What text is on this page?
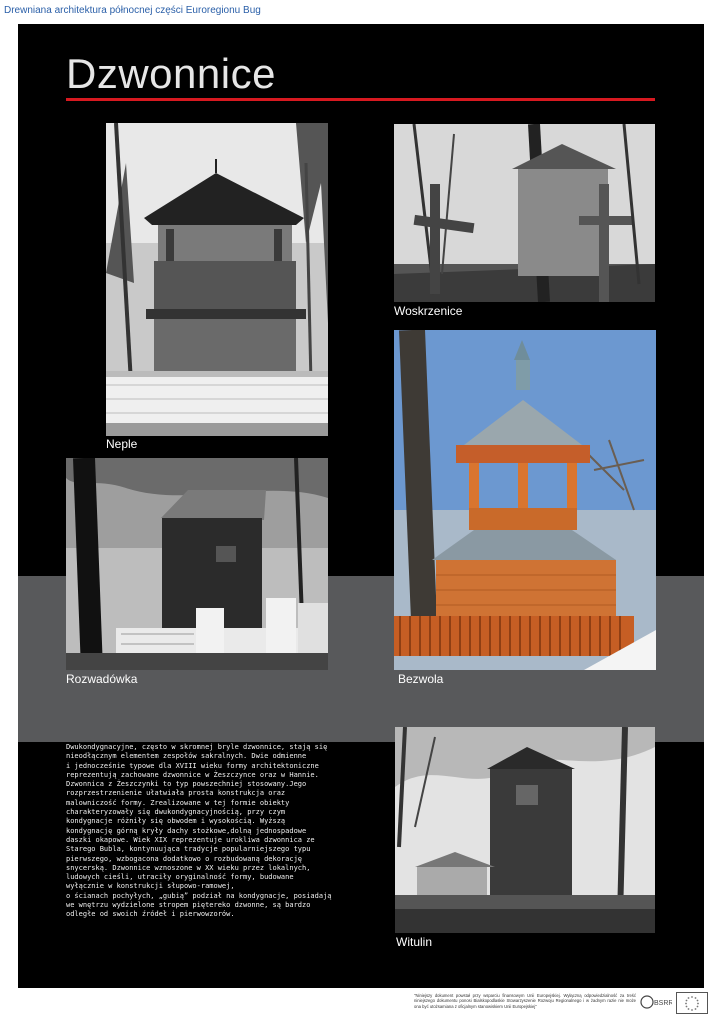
Drewniana architektura północnej części Euroregionu Bug
Dzwonnice
Neple
Woskrzenice
Rozwadówka	Bezwola
Dwukondygnacyjne, często w skromnej bryle dzwonnice, stają się
nieodłącznym elementem zespołów sakralnych. Dwie odmienne
i jednocześnie typowe dla XVIII wieku formy architektoniczne
reprezentują zachowane dzwonnice w Żeszczynce oraz w Hannie.
Dzwonnica z Żeszczynki to typ powszechniej stosowany.Jego
rozprzestrzenienie ułatwiała prosta konstrukcja oraz
malowniczość formy. Zrealizowane w tej formie obiekty
charakteryzowały się dwukondygnacyjnością, przy czym
kondygnacje różniły się obwodem i wysokością. Wyższą
kondygnację górną kryły dachy stożkowe,dolną jednospadowe
daszki okapowe. Wiek XIX reprezentuje urokliwa dzwonnica ze
Starego Bubla, kontynuująca tradycje popularniejszego typu
pierwszego, wzbogacona dodatkowo o rozbudowaną dekorację
snycerską. Dzwonnice wznoszone w XX wieku przez lokalnych,
ludowych cieśli, utraciły oryginalność formy, budowane
wyłącznie w konstrukcji słupowo-ramowej,
o ścianach pochyłych, „gubią” podział na kondygnacje, posiadają
we wnętrzu wydzielone stropem piętereko dzwonne, są bardzo
odległe od swoich źródeł i pierwowzorów.
Witulin
"Niniejszy dokument powstał przy wsparciu finansowym Unii Europejskiej. Wyłączną odpowiedzialność za treść niniejszego dokumentu ponosi Bialskopodlaskie Stowarzyszenie Rozwoju Regionalnego i w żadnym razie nie może ona być utożsamiana z oficjalnym stanowiskiem Unii Europejskiej"	BSRR
